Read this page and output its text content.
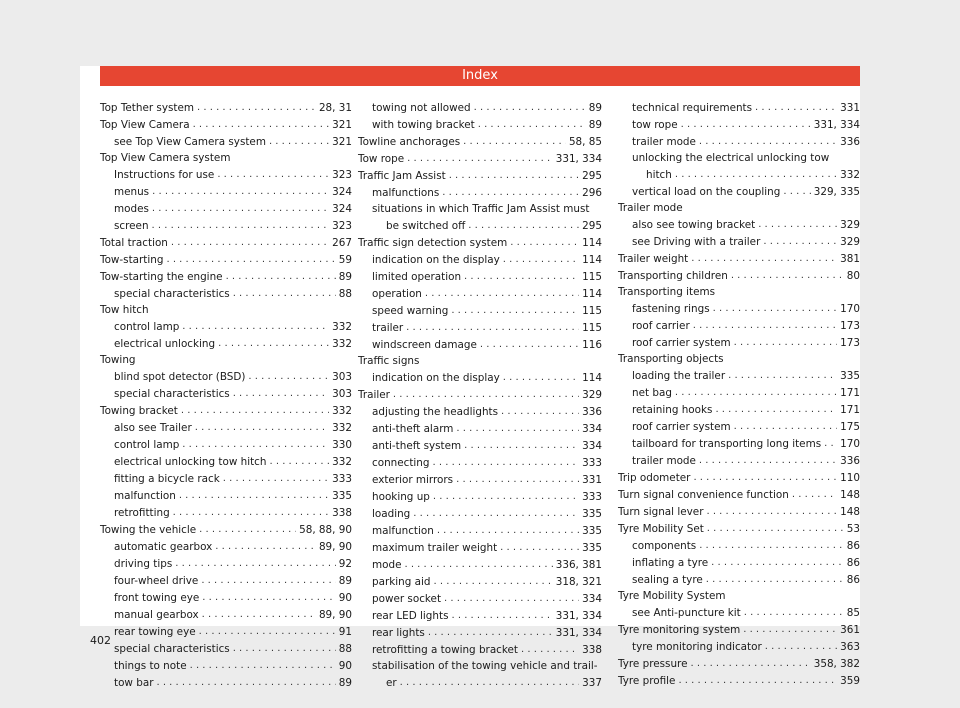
Index
Top Tether system . . .	28, 31
Top View Camera . . .	321
see Top View Camera system . . .	321
Top View Camera system
Instructions for use . . .	323
menus . . .	324
modes . . .	324
screen . . .	323
Total traction . . .	267
Tow-starting . . .	59
Tow-starting the engine . . .	89
special characteristics . . .	88
Tow hitch
control lamp . . .	332
electrical unlocking . . .	332
Towing
blind spot detector (BSD) . . .	303
special characteristics . . .	303
Towing bracket . . .	332
also see Trailer . . .	332
control lamp . . .	330
electrical unlocking tow hitch . . .	332
fitting a bicycle rack . . .	333
malfunction . . .	335
retrofitting . . .	338
Towing the vehicle . . .	58, 88, 90
automatic gearbox . . .	89, 90
driving tips . . .	92
four-wheel drive . . .	89
front towing eye . . .	90
manual gearbox . . .	89, 90
rear towing eye . . .	91
special characteristics . . .	88
things to note . . .	90
tow bar . . .	89
towing not allowed . . .	89
with towing bracket . . .	89
Towline anchorages . . .	58, 85
Tow rope . . .	331, 334
Traffic Jam Assist . . .	295
malfunctions . . .	296
situations in which Traffic Jam Assist must
be switched off . . .	295
Traffic sign detection system . . .	114
indication on the display . . .	114
limited operation . . .	115
operation . . .	114
speed warning . . .	115
trailer . . .	115
windscreen damage . . .	116
Traffic signs
indication on the display . . .	114
Trailer . . .	329
adjusting the headlights . . .	336
anti-theft alarm . . .	334
anti-theft system . . .	334
connecting . . .	333
exterior mirrors . . .	331
hooking up . . .	333
loading . . .	335
malfunction . . .	335
maximum trailer weight . . .	335
mode . . .	336, 381
parking aid . . .	318, 321
power socket . . .	334
rear LED lights . . .	331, 334
rear lights . . .	331, 334
retrofitting a towing bracket . . .	338
stabilisation of the towing vehicle and trail-
er . . .	337
technical requirements . . .	331
tow rope . . .	331, 334
trailer mode . . .	336
unlocking the electrical unlocking tow
hitch . . .	332
vertical load on the coupling . . .	329, 335
Trailer mode
also see towing bracket . . .	329
see Driving with a trailer . . .	329
Trailer weight . . .	381
Transporting children . . .	80
Transporting items
fastening rings . . .	170
roof carrier . . .	173
roof carrier system . . .	173
Transporting objects
loading the trailer . . .	335
net bag . . .	171
retaining hooks . . .	171
roof carrier system . . .	175
tailboard for transporting long items . . . 170
trailer mode . . .	336
Trip odometer . . .	110
Turn signal convenience function . . .	148
Turn signal lever . . .	148
Tyre Mobility Set . . .	53
components . . .	86
inflating a tyre . . .	86
sealing a tyre . . .	86
Tyre Mobility System
see Anti-puncture kit . . .	85
Tyre monitoring system . . .	361
tyre monitoring indicator . . .	363
Tyre pressure . . .	358, 382
Tyre profile . . .	359
402
